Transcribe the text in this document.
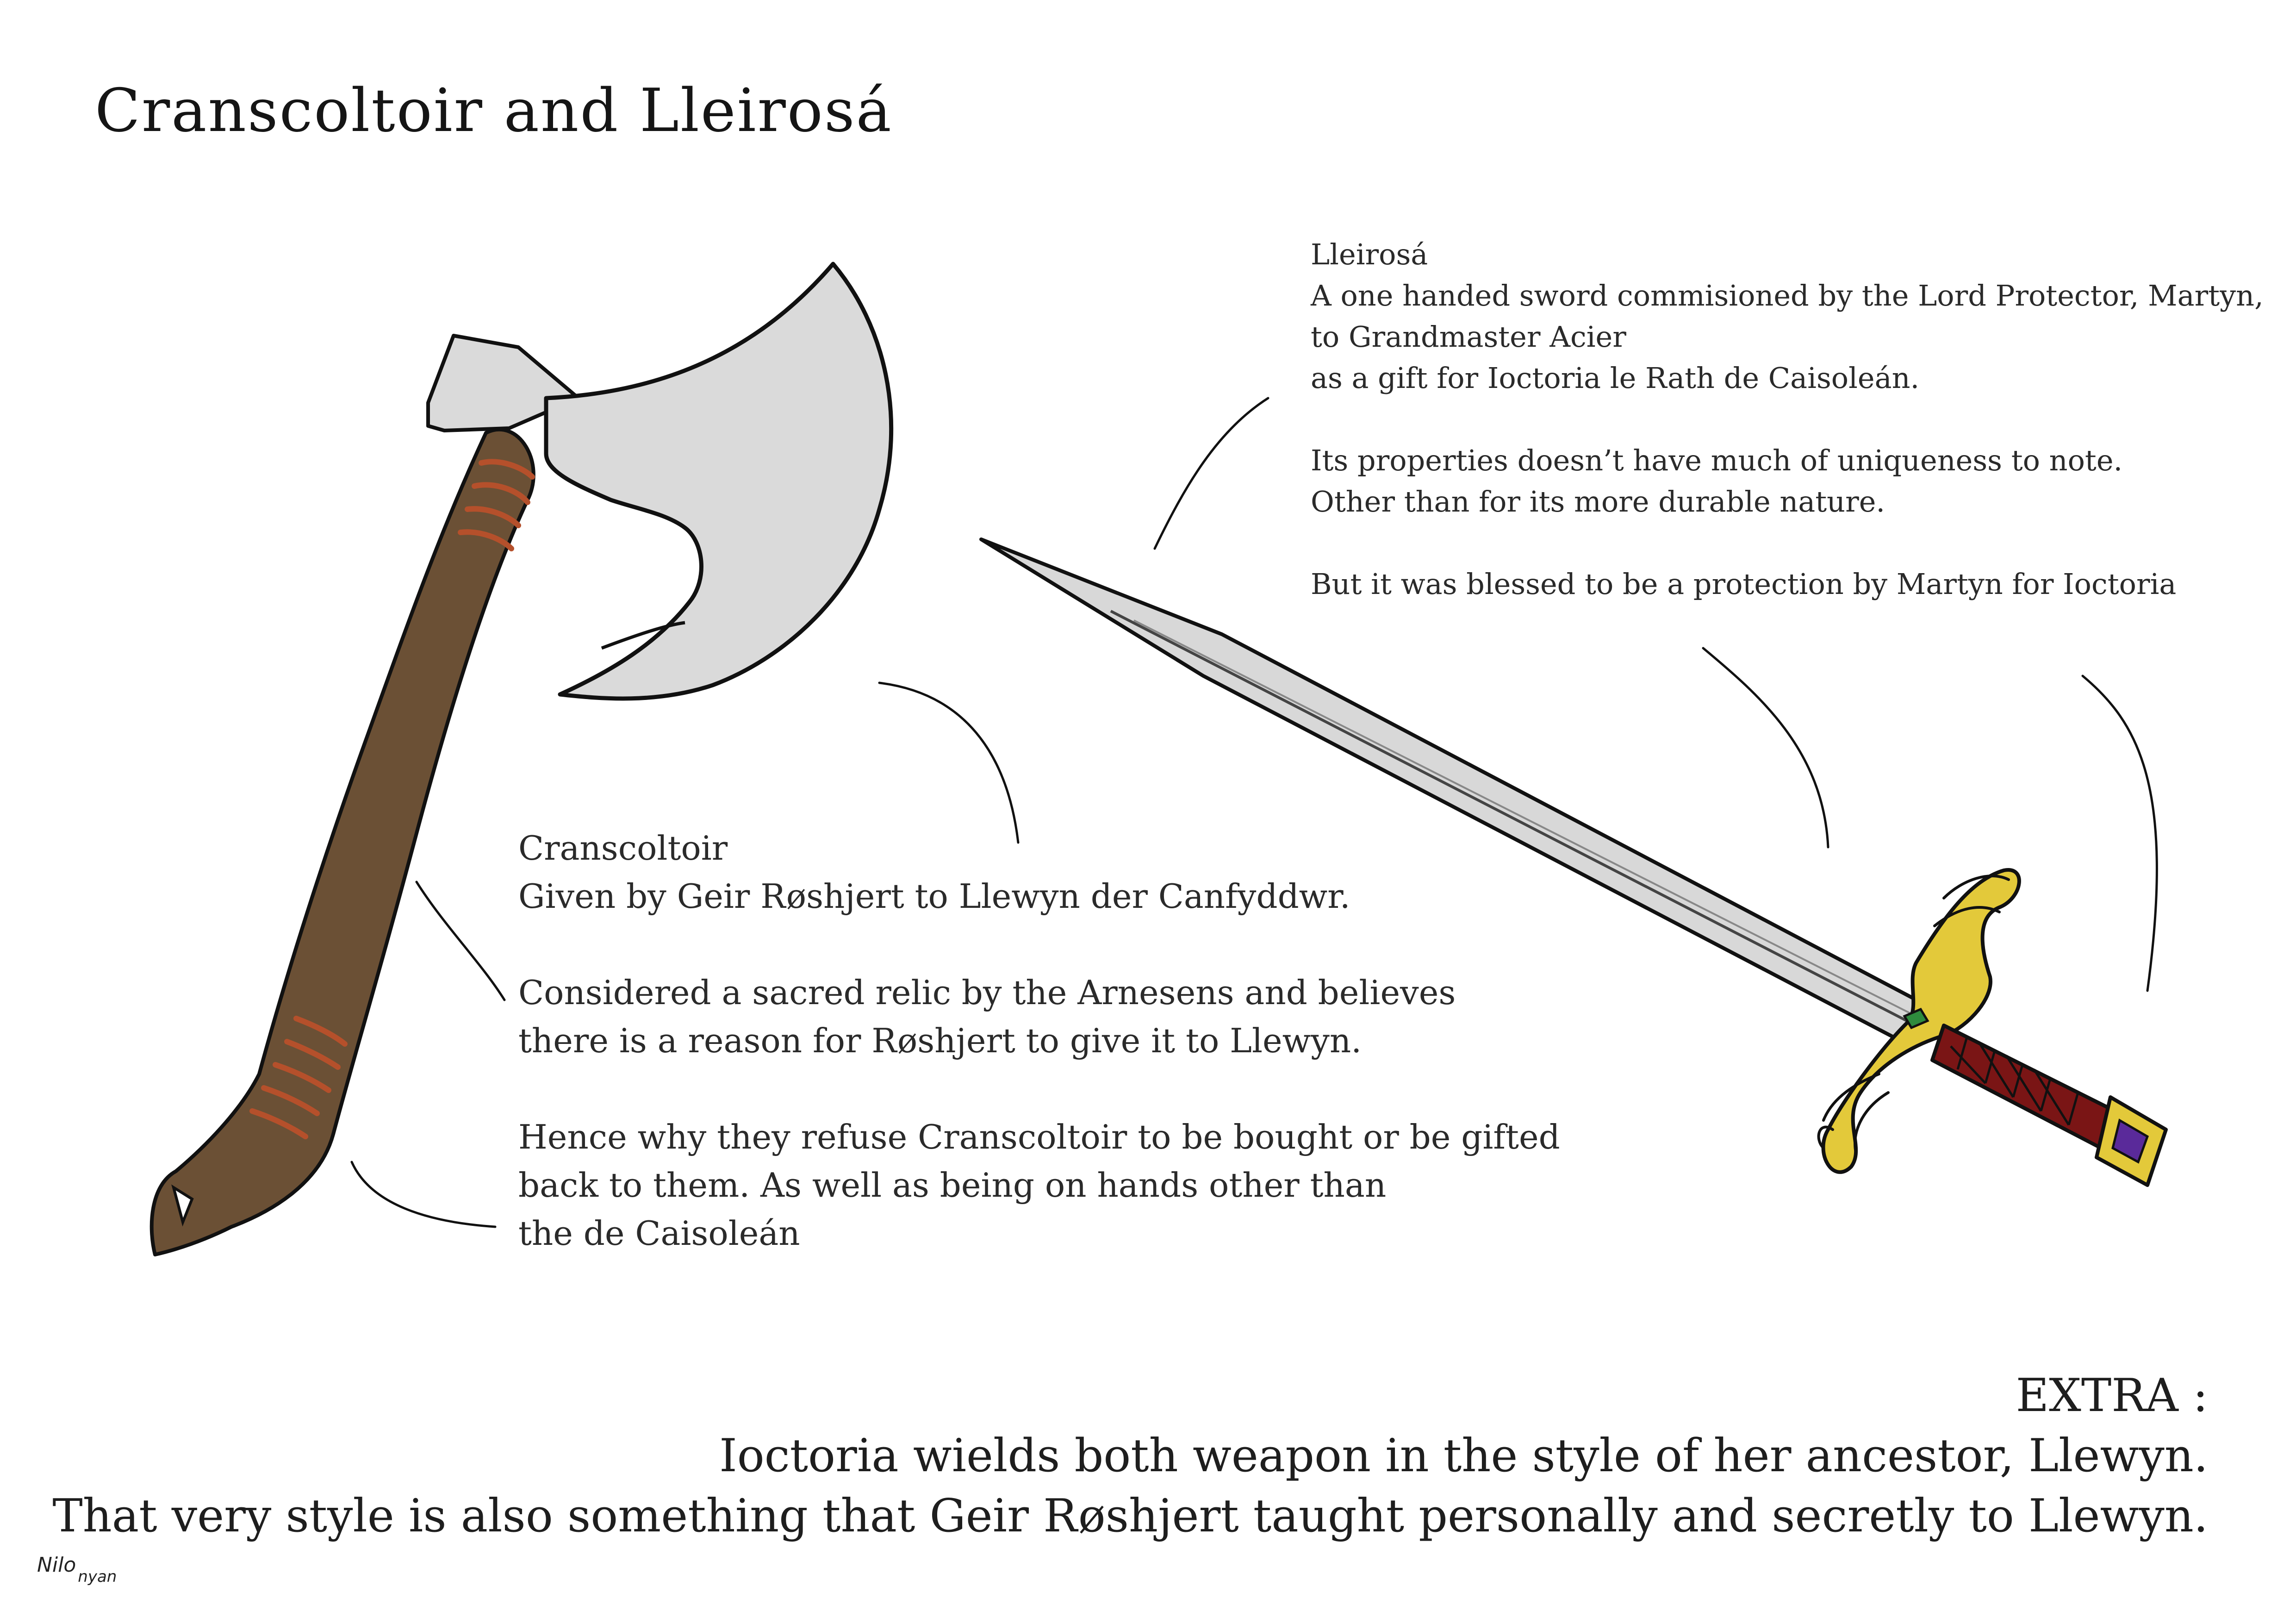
Cranscoltoir and Lleirosá
Lleirosá
A one handed sword commisioned by the Lord Protector, Martyn,
to Grandmaster Acier
as a gift for Ioctoria le Rath de Caisoleán.
Its properties doesn’t have much of uniqueness to note.
Other than for its more durable nature.
But it was blessed to be a protection by Martyn for Ioctoria
Cranscoltoir
Given by Geir Røshjert to Llewyn der Canfyddwr.
Considered a sacred relic by the Arnesens and believes
there is a reason for Røshjert to give it to Llewyn.
Hence why they refuse Cranscoltoir to be bought or be gifted
back to them. As well as being on hands other than
the de Caisoleán
EXTRA :
Ioctoria wields both weapon in the style of her ancestor, Llewyn.
That very style is also something that Geir Røshjert taught personally and secretly to Llewyn.
Nilo $_{nyan}$
